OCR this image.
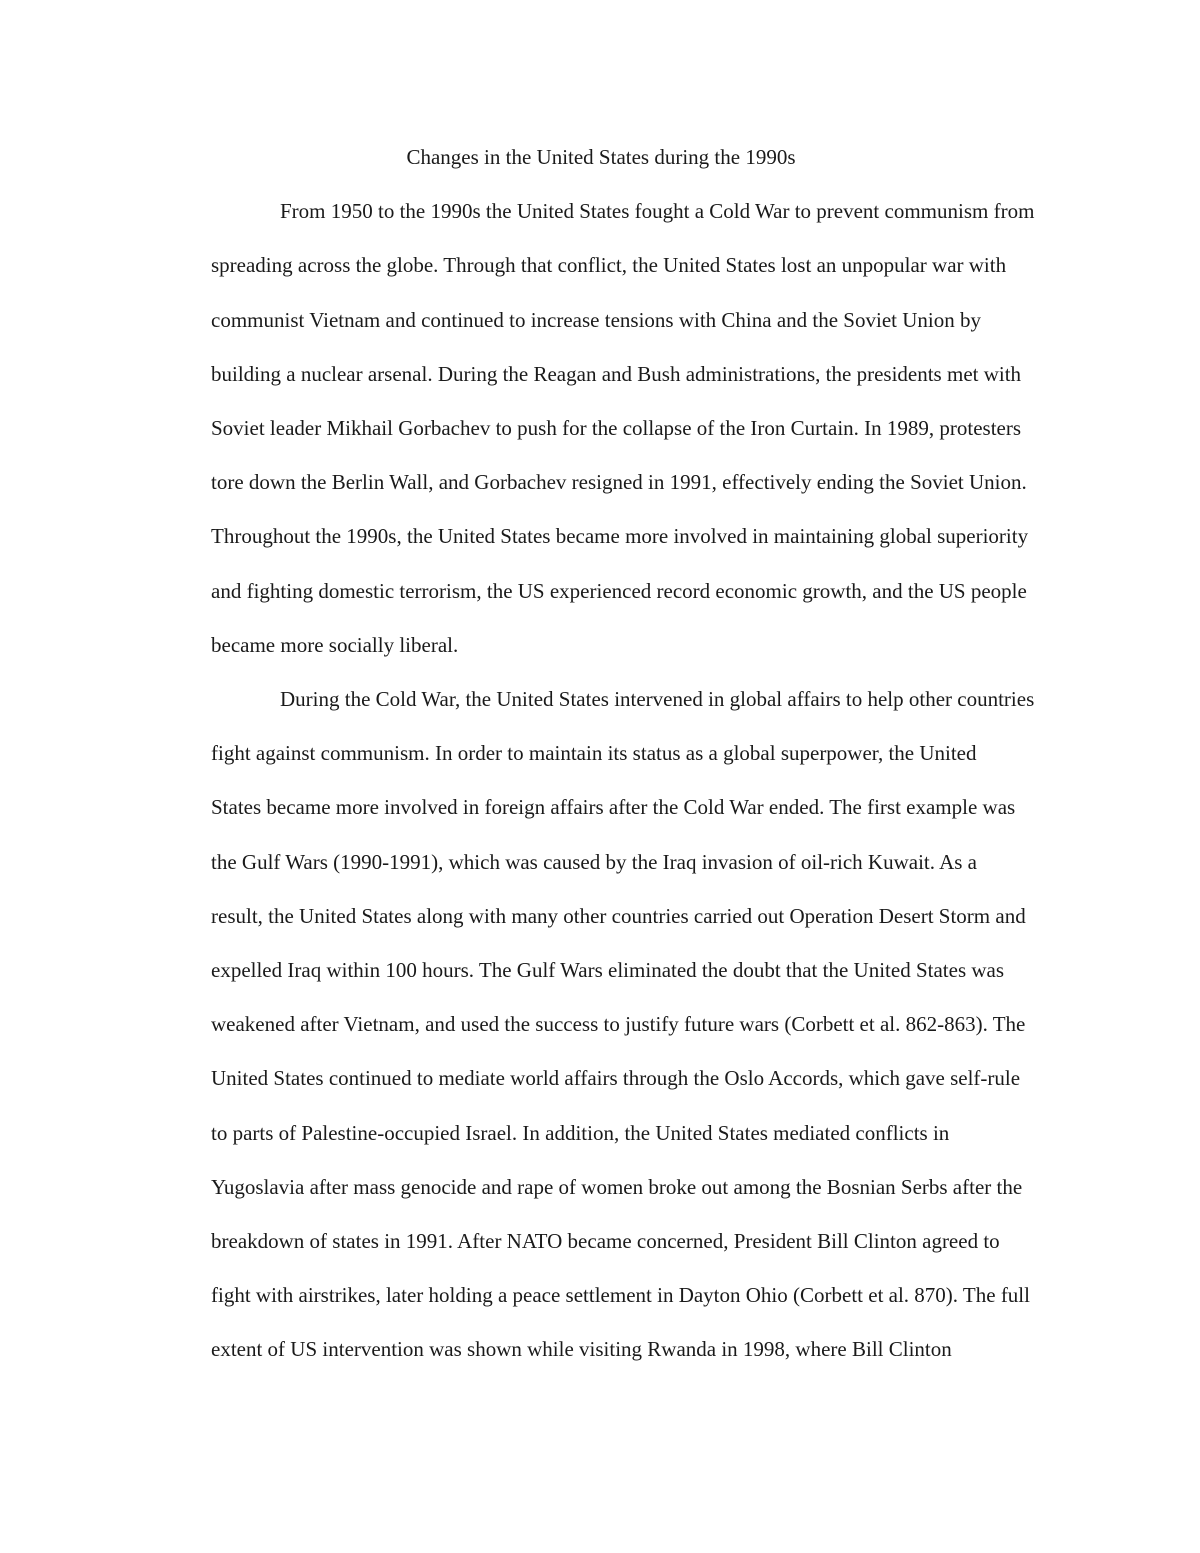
Changes in the United States during the 1990s

From 1950 to the 1990s the United States fought a Cold War to prevent communism from
spreading across the globe. Through that conflict, the United States lost an unpopular war with
communist Vietnam and continued to increase tensions with China and the Soviet Union by
building a nuclear arsenal. During the Reagan and Bush administrations, the presidents met with
Soviet leader Mikhail Gorbachev to push for the collapse of the Iron Curtain. In 1989, protesters
tore down the Berlin Wall, and Gorbachev resigned in 1991, effectively ending the Soviet Union.
Throughout the 1990s, the United States became more involved in maintaining global superiority
and fighting domestic terrorism, the US experienced record economic growth, and the US people
became more socially liberal.
During the Cold War, the United States intervened in global affairs to help other countries
fight against communism. In order to maintain its status as a global superpower, the United
States became more involved in foreign affairs after the Cold War ended. The first example was
the Gulf Wars (1990-1991), which was caused by the Iraq invasion of oil-rich Kuwait. As a
result, the United States along with many other countries carried out Operation Desert Storm and
expelled Iraq within 100 hours. The Gulf Wars eliminated the doubt that the United States was
weakened after Vietnam, and used the success to justify future wars (Corbett et al. 862-863). The
United States continued to mediate world affairs through the Oslo Accords, which gave self-rule
to parts of Palestine-occupied Israel. In addition, the United States mediated conflicts in
Yugoslavia after mass genocide and rape of women broke out among the Bosnian Serbs after the
breakdown of states in 1991. After NATO became concerned, President Bill Clinton agreed to
fight with airstrikes, later holding a peace settlement in Dayton Ohio (Corbett et al. 870). The full
extent of US intervention was shown while visiting Rwanda in 1998, where Bill Clinton
